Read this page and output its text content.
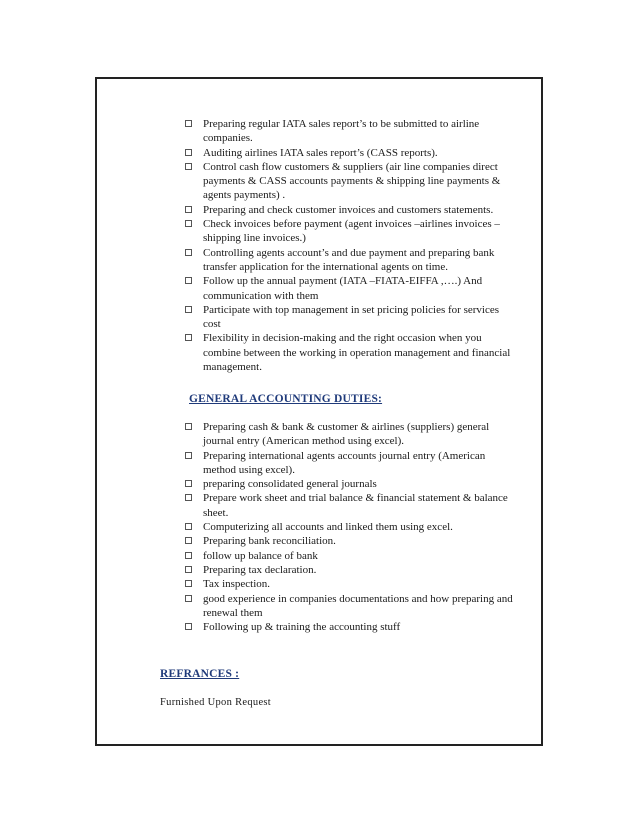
Preparing regular IATA sales report’s to be submitted to airline companies.
Auditing airlines IATA sales report’s (CASS reports).
Control cash flow customers & suppliers (air line companies direct payments & CASS accounts payments & shipping line payments & agents payments) .
Preparing and check customer invoices and customers statements.
Check invoices before payment (agent invoices –airlines invoices –shipping line invoices.)
Controlling agents account’s and due payment and preparing bank transfer application for the international agents on time.
Follow up the annual payment (IATA –FIATA-EIFFA ,….) And communication with them
Participate with top management in set pricing policies for services cost
Flexibility in decision-making and the right occasion when you combine between the working in operation management and financial management.
GENERAL ACCOUNTING DUTIES:
Preparing cash & bank & customer & airlines (suppliers) general journal entry (American method using excel).
Preparing international agents accounts journal entry (American method using excel).
preparing consolidated general journals
Prepare work sheet and trial balance & financial statement & balance sheet.
Computerizing all accounts and linked them using excel.
Preparing bank reconciliation.
follow up balance of bank
Preparing tax declaration.
Tax inspection.
good experience in companies documentations and how preparing and renewal them
Following up & training the accounting stuff
REFRANCES :

Furnished Upon Request
